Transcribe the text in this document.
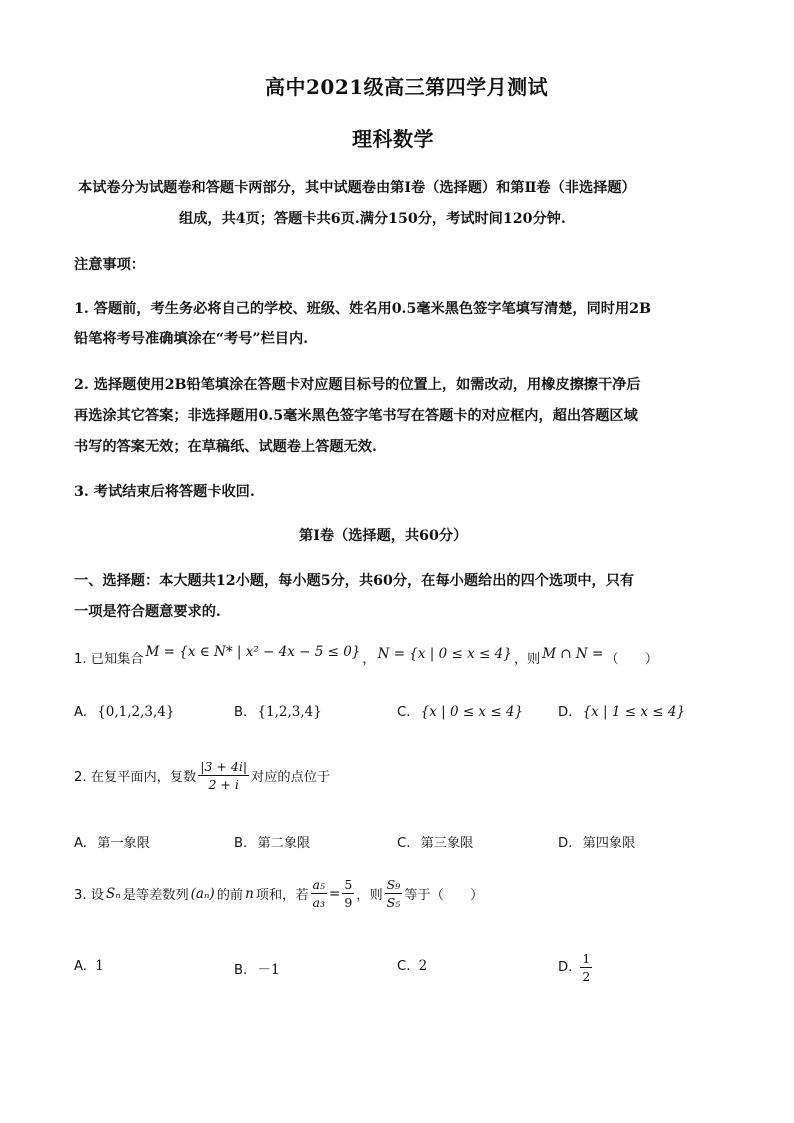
高中2021级高三第四学月测试
理科数学
本试卷分为试题卷和答题卡两部分，其中试题卷由第Ⅰ卷（选择题）和第Ⅱ卷（非选择题）
组成，共4页；答题卡共6页.满分150分，考试时间120分钟.
注意事项：
1. 答题前，考生务必将自己的学校、班级、姓名用0.5毫米黑色签字笔填写清楚，同时用2B
铅笔将考号准确填涂在“考号”栏目内.
2. 选择题使用2B铅笔填涂在答题卡对应题目标号的位置上，如需改动，用橡皮擦擦干净后
再选涂其它答案；非选择题用0.5毫米黑色签字笔书写在答题卡的对应框内，超出答题区域
书写的答案无效；在草稿纸、试题卷上答题无效.
3. 考试结束后将答题卡收回.
第Ⅰ卷（选择题，共60分）
一、选择题：本大题共12小题，每小题5分，共60分，在每小题给出的四个选项中，只有
一项是符合题意要求的.
1. 已知集合 M = {x ∈ N* | x² − 4x − 5 ≤ 0} ， N = {x | 0 ≤ x ≤ 4} ，则 M ∩ N = （　　）
A. {0,1,2,3,4}	B. {1,2,3,4}	C. {x | 0 ≤ x ≤ 4}	D. {x | 1 ≤ x ≤ 4}
2. 在复平面内，复数 $\frac{|3 + 4i|}{2 + i}$ 对应的点位于
A. 第一象限	B. 第二象限	C. 第三象限	D. 第四象限
3. 设 Sₙ 是等差数列 (aₙ) 的前 n 项和，若 $\frac{\text{a₅}}{\text{a₃}} = \frac{5}{9}$ ，则 $\frac{\text{S₉}}{\text{S₅}}$ 等于（　　）
A. 1	B. －1	C. 2	D. $\frac{1}{2}$
